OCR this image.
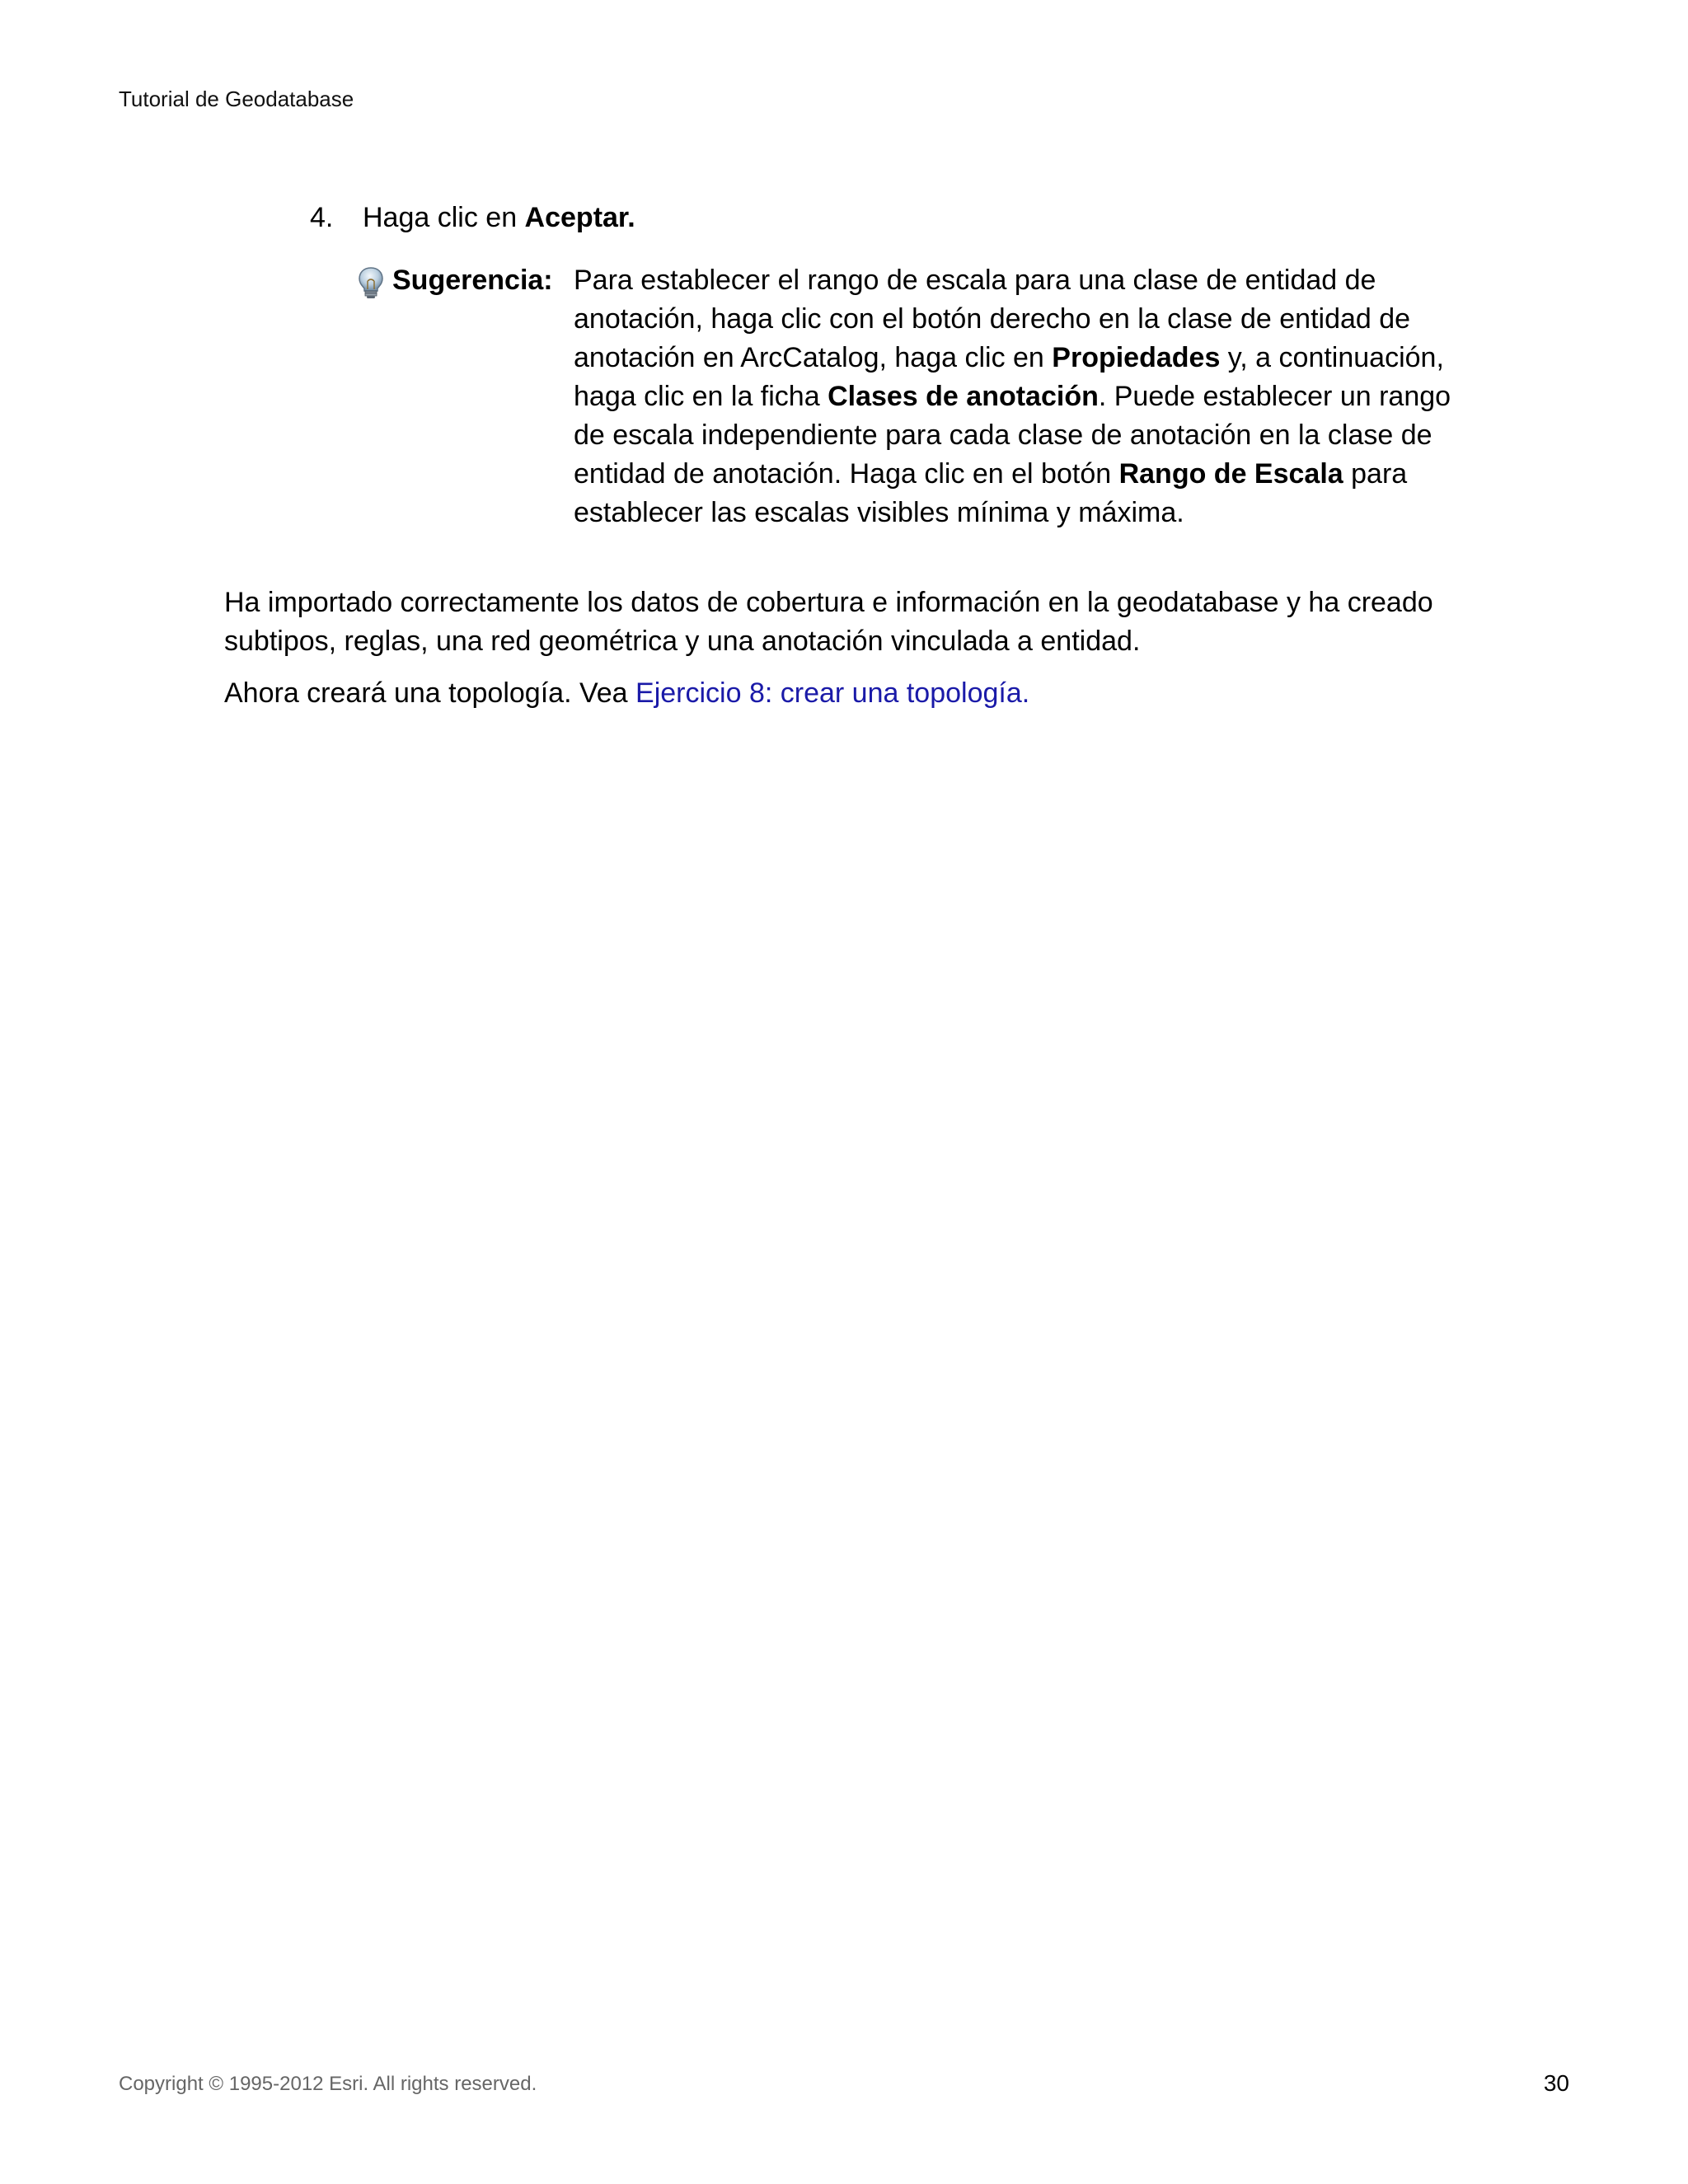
Tutorial de Geodatabase
4. Haga clic en Aceptar.
Sugerencia: Para establecer el rango de escala para una clase de entidad de anotación, haga clic con el botón derecho en la clase de entidad de anotación en ArcCatalog, haga clic en Propiedades y, a continuación, haga clic en la ficha Clases de anotación. Puede establecer un rango de escala independiente para cada clase de anotación en la clase de entidad de anotación. Haga clic en el botón Rango de Escala para establecer las escalas visibles mínima y máxima.

Ha importado correctamente los datos de cobertura e información en la geodatabase y ha creado subtipos, reglas, una red geométrica y una anotación vinculada a entidad.

Ahora creará una topología. Vea Ejercicio 8: crear una topología.

Copyright © 1995-2012 Esri. All rights reserved.	30
